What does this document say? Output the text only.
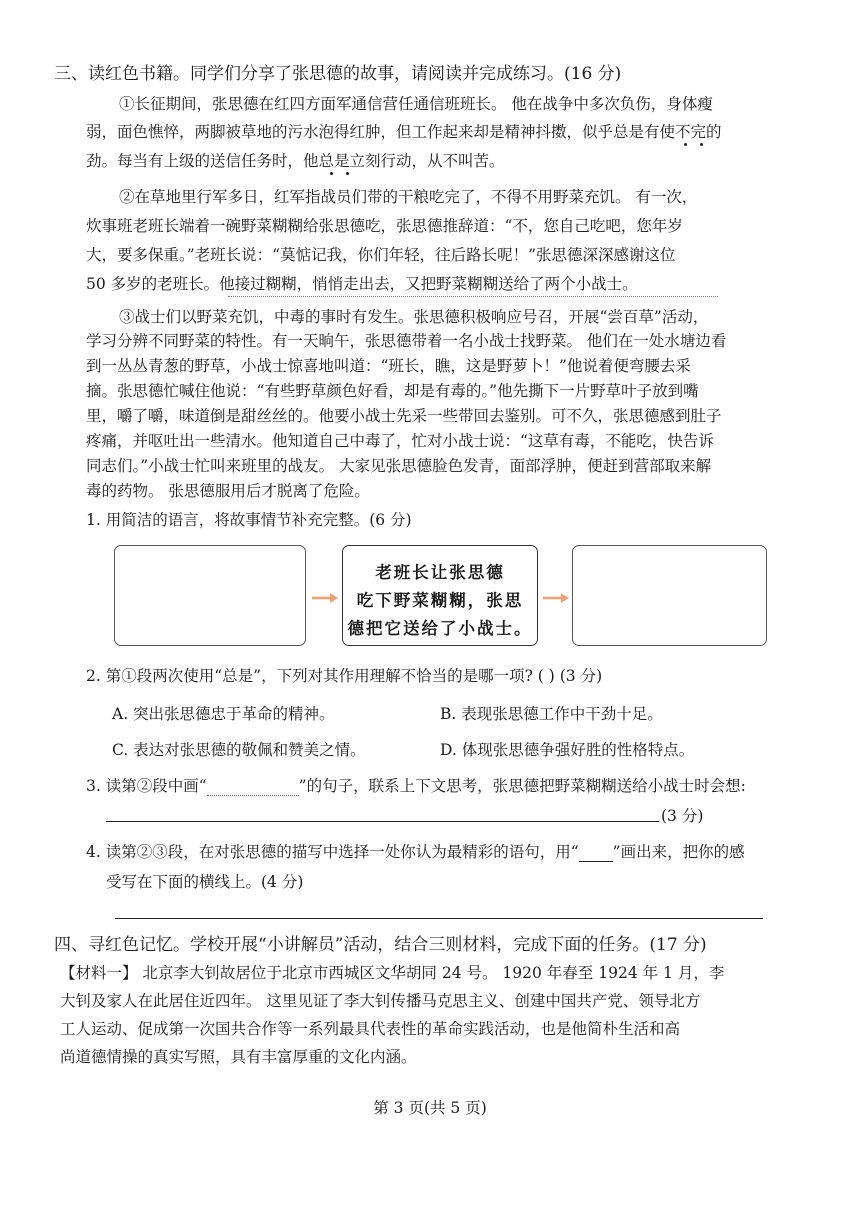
三、读红色书籍。同学们分享了张思德的故事，请阅读并完成练习。(16 分)
①长征期间，张思德在红四方面军通信营任通信班班长。 他在战争中多次负伤，身体瘦
弱，面色憔悴，两脚被草地的污水泡得红肿，但工作起来却是精神抖擞，似乎总是有使不完的
劲。每当有上级的送信任务时，他总是立刻行动，从不叫苦。
②在草地里行军多日，红军指战员们带的干粮吃完了，不得不用野菜充饥。 有一次，
炊事班老班长端着一碗野菜糊糊给张思德吃，张思德推辞道：“不，您自己吃吧，您年岁
大，要多保重。”老班长说：“莫惦记我，你们年轻，往后路长呢！”张思德深深感谢这位
50 多岁的老班长。他接过糊糊，悄悄走出去，又把野菜糊糊送给了两个小战士。
③战士们以野菜充饥，中毒的事时有发生。张思德积极响应号召，开展“尝百草”活动，
学习分辨不同野菜的特性。有一天晌午，张思德带着一名小战士找野菜。 他们在一处水塘边看
到一丛丛青葱的野草，小战士惊喜地叫道：“班长，瞧，这是野萝卜！”他说着便弯腰去采
摘。张思德忙喊住他说：“有些野草颜色好看，却是有毒的。”他先撕下一片野草叶子放到嘴
里，嚼了嚼，味道倒是甜丝丝的。他要小战士先采一些带回去鉴别。可不久，张思德感到肚子
疼痛，并呕吐出一些清水。他知道自己中毒了，忙对小战士说：“这草有毒，不能吃，快告诉
同志们。”小战士忙叫来班里的战友。 大家见张思德脸色发青，面部浮肿，便赶到营部取来解
毒的药物。 张思德服用后才脱离了危险。
1. 用简洁的语言，将故事情节补充完整。(6 分)
老班长让张思德
吃下野菜糊糊，张思
德把它送给了小战士。
2. 第①段两次使用“总是”，下列对其作用理解不恰当的是哪一项? ( ) (3 分)
A. 突出张思德忠于革命的精神。	B. 表现张思德工作中干劲十足。
C. 表达对张思德的敬佩和赞美之情。	D. 体现张思德争强好胜的性格特点。
3. 读第②段中画“	”的句子，联系上下文思考，张思德把野菜糊糊送给小战士时会想:
(3 分)
4. 读第②③段，在对张思德的描写中选择一处你认为最精彩的语句，用“ ”画出来，把你的感
受写在下面的横线上。(4 分)
四、寻红色记忆。学校开展“小讲解员”活动，结合三则材料，完成下面的任务。(17 分)
【材料一】 北京李大钊故居位于北京市西城区文华胡同 24 号。 1920 年春至 1924 年 1 月，李
大钊及家人在此居住近四年。 这里见证了李大钊传播马克思主义、创建中国共产党、领导北方
工人运动、促成第一次国共合作等一系列最具代表性的革命实践活动，也是他简朴生活和高
尚道德情操的真实写照，具有丰富厚重的文化内涵。
第 3 页(共 5 页)
